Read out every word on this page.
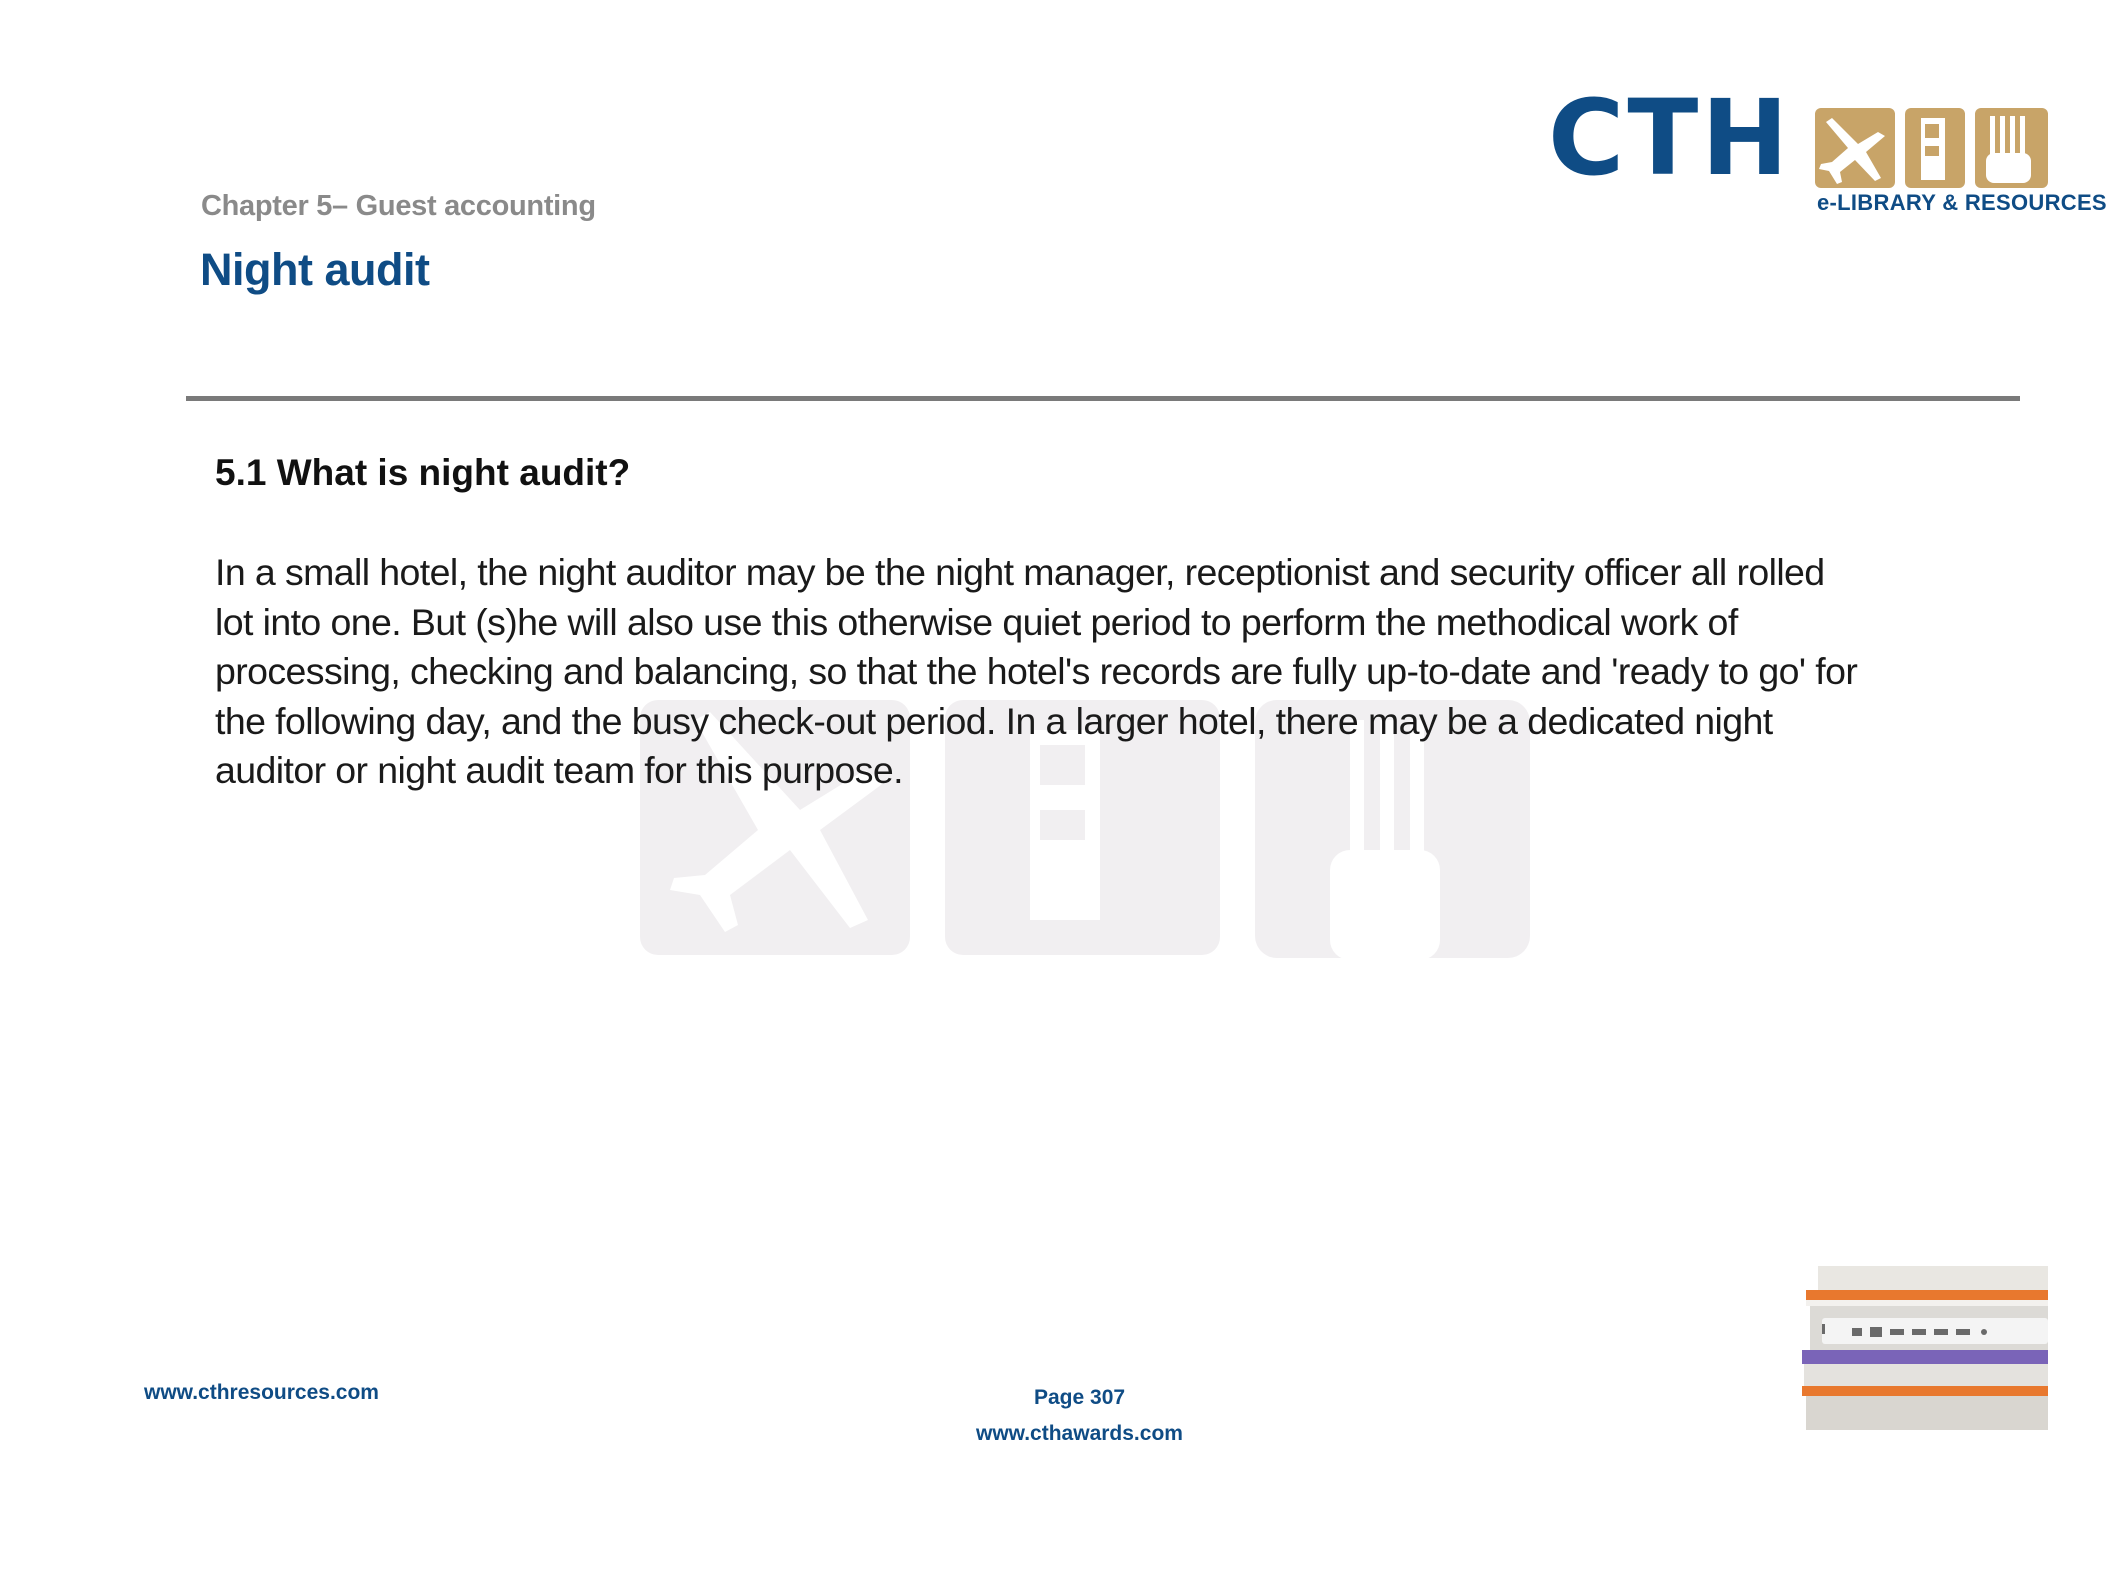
Chapter 5– Guest accounting
Night audit
CTH
e-LIBRARY & RESOURCES
5.1 What is night audit?
In a small hotel, the night auditor may be the night manager, receptionist and security officer all rolled
lot into one. But (s)he will also use this otherwise quiet period to perform the methodical work of
processing, checking and balancing, so that the hotel's records are fully up-to-date and 'ready to go' for
the following day, and the busy check-out period. In a larger hotel, there may be a dedicated night
auditor or night audit team for this purpose.
www.cthresources.com	Page 307
www.cthawards.com
